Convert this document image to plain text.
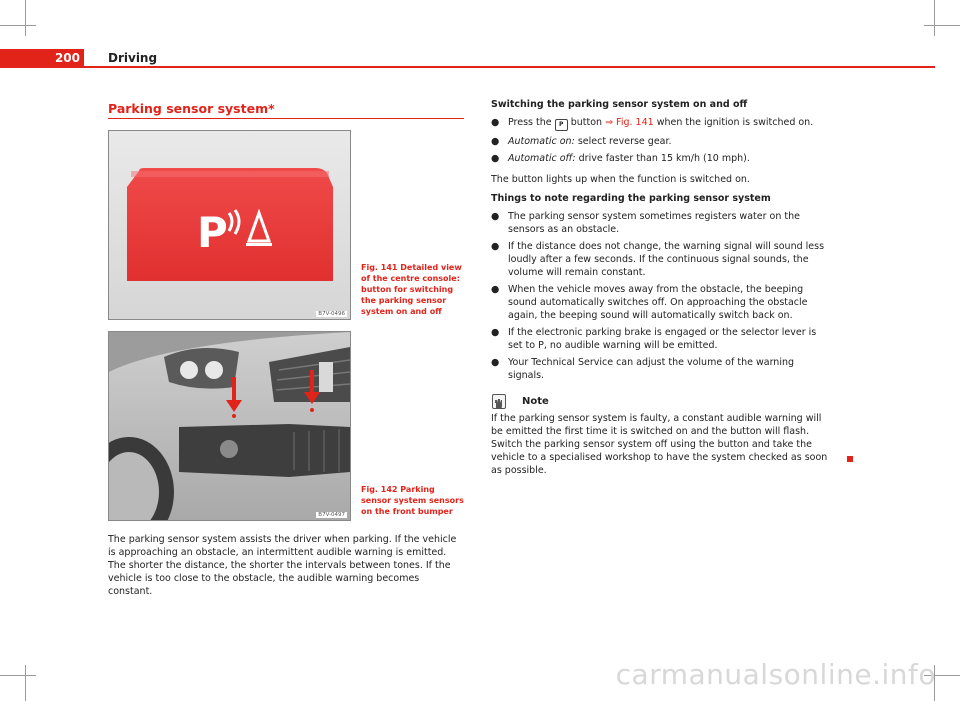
200	Driving
Parking sensor system*
P
B7V-0496
Fig. 141 Detailed view of the centre console: button for switching the parking sensor system on and off
B7V-0497
Fig. 142 Parking sensor system sensors on the front bumper
The parking sensor system assists the driver when parking. If the vehicle is approaching an obstacle, an intermittent audible warning is emitted. The shorter the distance, the shorter the intervals between tones. If the vehicle is too close to the obstacle, the audible warning becomes constant.
Switching the parking sensor system on and off
● Press the P button ⇒ Fig. 141 when the ignition is switched on.
● Automatic on: select reverse gear.
● Automatic off: drive faster than 15 km/h (10 mph).
The button lights up when the function is switched on.
Things to note regarding the parking sensor system
● The parking sensor system sometimes registers water on the sensors as an obstacle.
● If the distance does not change, the warning signal will sound less loudly after a few seconds. If the continuous signal sounds, the volume will remain constant.
● When the vehicle moves away from the obstacle, the beeping sound automatically switches off. On approaching the obstacle again, the beeping sound will automatically switch back on.
● If the electronic parking brake is engaged or the selector lever is set to P, no audible warning will be emitted.
● Your Technical Service can adjust the volume of the warning signals.
Note
If the parking sensor system is faulty, a constant audible warning will be emitted the first time it is switched on and the button will flash. Switch the parking sensor system off using the button and take the vehicle to a specialised workshop to have the system checked as soon as possible.
carmanualsonline.info
